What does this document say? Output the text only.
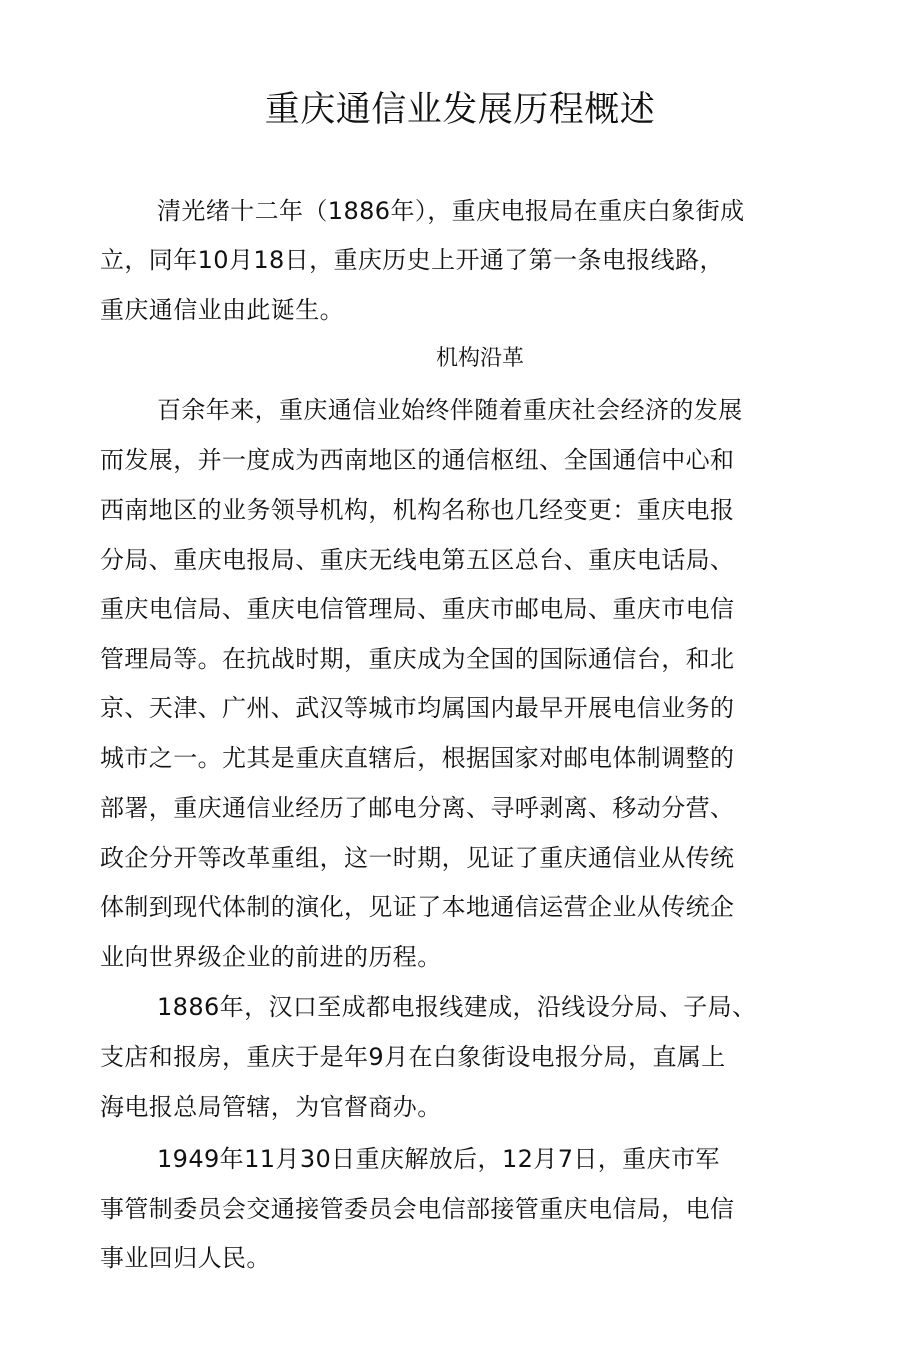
重庆通信业发展历程概述
清光绪十二年（1886年），重庆电报局在重庆白象街成
立，同年10月18日，重庆历史上开通了第一条电报线路，
重庆通信业由此诞生。
机构沿革
百余年来，重庆通信业始终伴随着重庆社会经济的发展
而发展，并一度成为西南地区的通信枢纽、全国通信中心和
西南地区的业务领导机构，机构名称也几经变更：重庆电报
分局、重庆电报局、重庆无线电第五区总台、重庆电话局、
重庆电信局、重庆电信管理局、重庆市邮电局、重庆市电信
管理局等。在抗战时期，重庆成为全国的国际通信台，和北
京、天津、广州、武汉等城市均属国内最早开展电信业务的
城市之一。尤其是重庆直辖后，根据国家对邮电体制调整的
部署，重庆通信业经历了邮电分离、寻呼剥离、移动分营、
政企分开等改革重组，这一时期，见证了重庆通信业从传统
体制到现代体制的演化，见证了本地通信运营企业从传统企
业向世界级企业的前进的历程。
1886年，汉口至成都电报线建成，沿线设分局、子局、
支店和报房，重庆于是年9月在白象街设电报分局，直属上
海电报总局管辖，为官督商办。
1949年11月30日重庆解放后，12月7日，重庆市军
事管制委员会交通接管委员会电信部接管重庆电信局，电信
事业回归人民。
